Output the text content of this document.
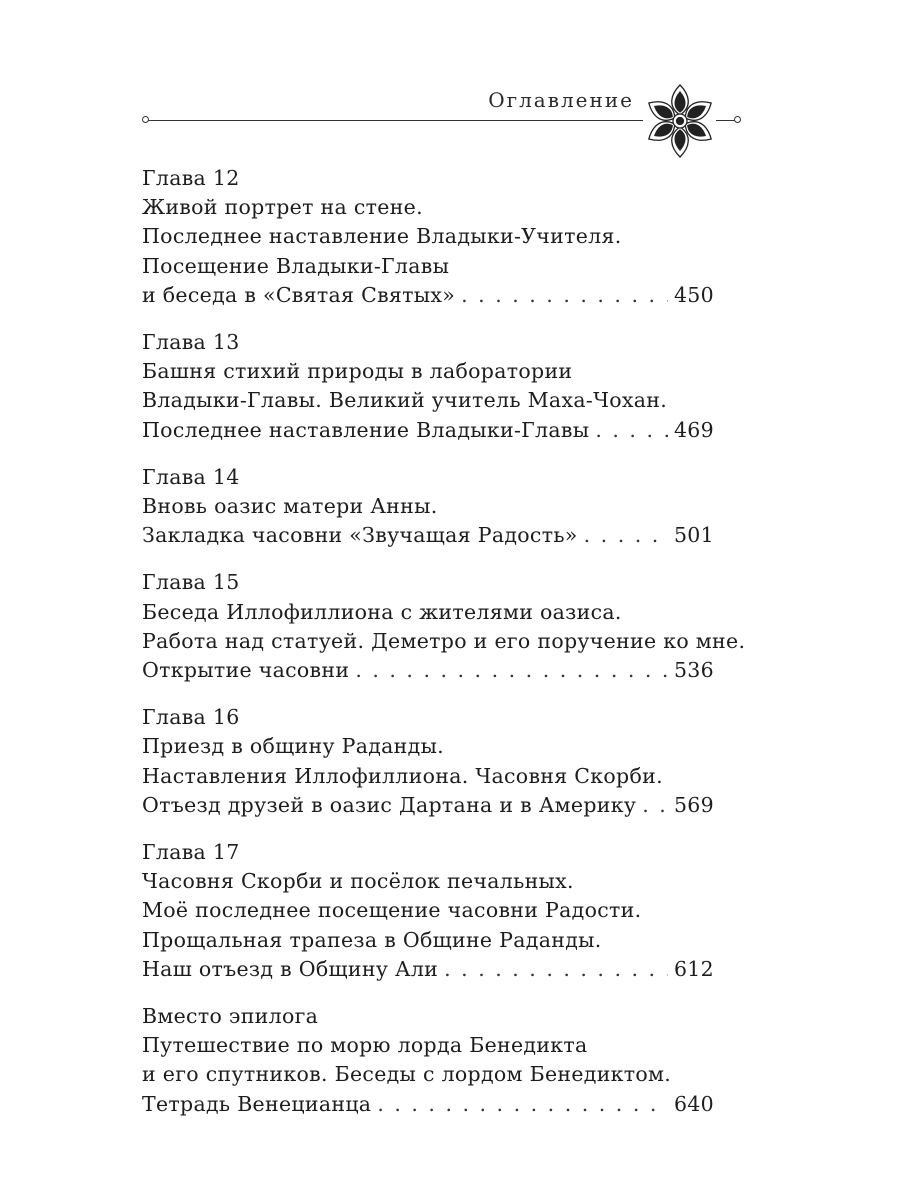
Оглавление
Глава 12
Живой портрет на стене.
Последнее наставление Владыки-Учителя.
Посещение Владыки-Главы
и беседа в «Святая Святых» . . .	450
Глава 13
Башня стихий природы в лаборатории
Владыки-Главы. Великий учитель Маха-Чохан.
Последнее наставление Владыки-Главы . . .	469
Глава 14
Вновь оазис матери Анны.
Закладка часовни «Звучащая Радость» . . .	501
Глава 15
Беседа Иллофиллиона с жителями оазиса.
Работа над статуей. Деметро и его поручение ко мне.
Открытие часовни . . .	536
Глава 16
Приезд в общину Раданды.
Наставления Иллофиллиона. Часовня Скорби.
Отъезд друзей в оазис Дартана и в Америку . . . 569
Глава 17
Часовня Скорби и посёлок печальных.
Моё последнее посещение часовни Радости.
Прощальная трапеза в Общине Раданды.
Наш отъезд в Общину Али . . .	612
Вместо эпилога
Путешествие по морю лорда Бенедикта
и его спутников. Беседы с лордом Бенедиктом.
Тетрадь Венецианца . . .	640
